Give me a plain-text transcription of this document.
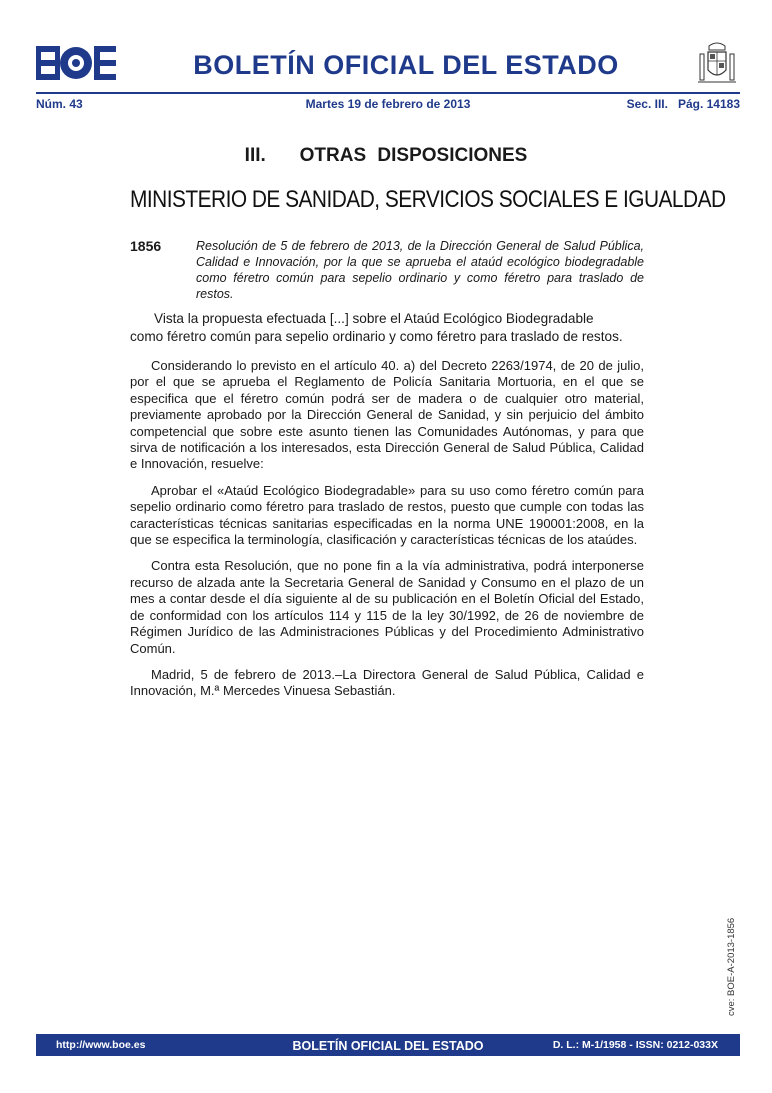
BOLETÍN OFICIAL DEL ESTADO
Núm. 43	Martes 19 de febrero de 2013	Sec. III.   Pág. 14183
III.   OTRAS DISPOSICIONES
MINISTERIO DE SANIDAD, SERVICIOS SOCIALES E IGUALDAD
1856	Resolución de 5 de febrero de 2013, de la Dirección General de Salud Pública, Calidad e Innovación, por la que se aprueba el ataúd ecológico biodegradable como féretro común para sepelio ordinario y como féretro para traslado de restos.

Vista la propuesta efectuada [...] sobre el Ataúd Ecológico Biodegradable
como féretro común para sepelio ordinario y como féretro para traslado de restos.

Considerando lo previsto en el artículo 40. a) del Decreto 2263/1974, de 20 de julio, por el que se aprueba el Reglamento de Policía Sanitaria Mortuoria, en el que se especifica que el féretro común podrá ser de madera o de cualquier otro material, previamente aprobado por la Dirección General de Sanidad, y sin perjuicio del ámbito competencial que sobre este asunto tienen las Comunidades Autónomas, y para que sirva de notificación a los interesados, esta Dirección General de Salud Pública, Calidad e Innovación, resuelve:

Aprobar el «Ataúd Ecológico Biodegradable» para su uso como féretro común para sepelio ordinario como féretro para traslado de restos, puesto que cumple con todas las características técnicas sanitarias especificadas en la norma UNE 190001:2008, en la que se especifica la terminología, clasificación y características técnicas de los ataúdes.

Contra esta Resolución, que no pone fin a la vía administrativa, podrá interponerse recurso de alzada ante la Secretaria General de Sanidad y Consumo en el plazo de un mes a contar desde el día siguiente al de su publicación en el Boletín Oficial del Estado, de conformidad con los artículos 114 y 115 de la ley 30/1992, de 26 de noviembre de Régimen Jurídico de las Administraciones Públicas y del Procedimiento Administrativo Común.

Madrid, 5 de febrero de 2013.–La Directora General de Salud Pública, Calidad e Innovación, M.ª Mercedes Vinuesa Sebastián.

cve: BOE-A-2013-1856
http://www.boe.es	BOLETÍN OFICIAL DEL ESTADO	D. L.: M-1/1958 - ISSN: 0212-033X
